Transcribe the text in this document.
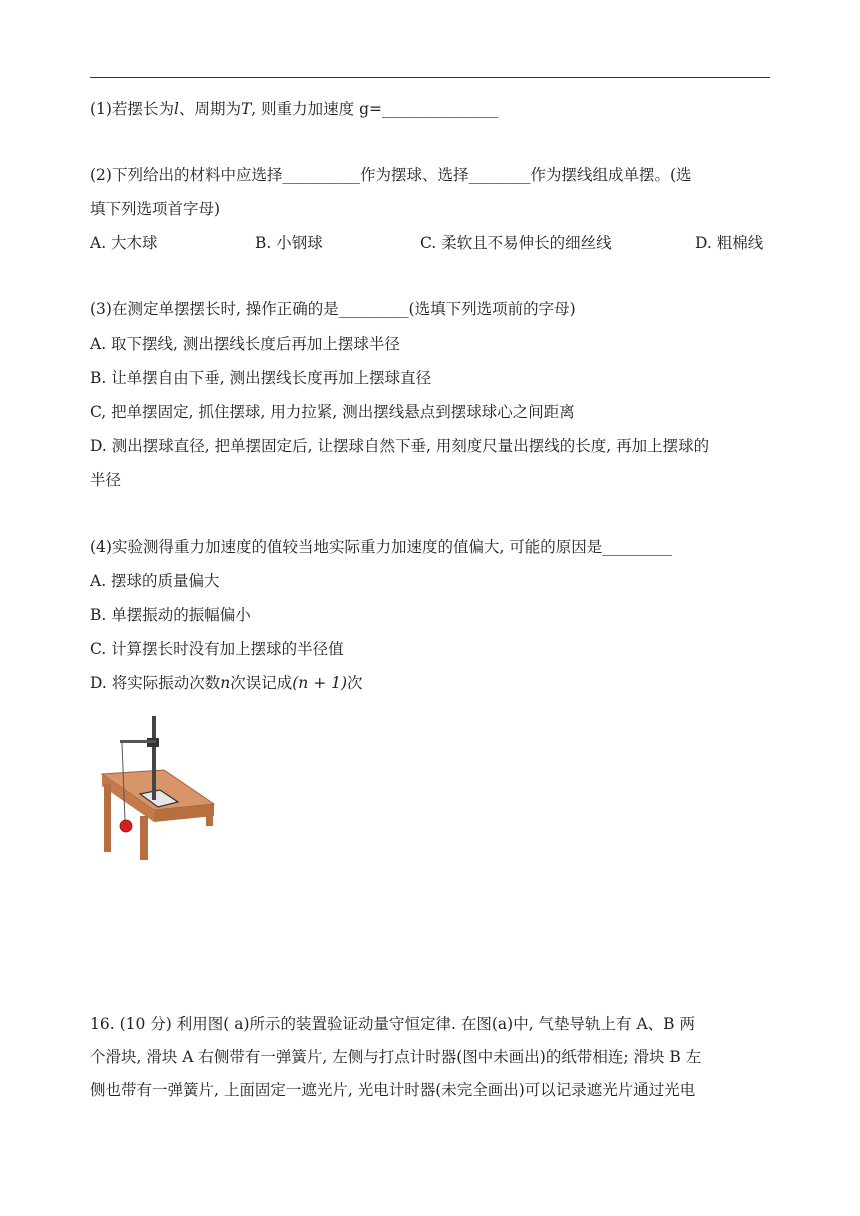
(1)若摆长为l、周期为T, 则重力加速度 g=_______________
(2)下列给出的材料中应选择__________作为摆球、选择________作为摆线组成单摆。(选
填下列选项首字母)
A. 大木球	B. 小钢球	C. 柔软且不易伸长的细丝线	D. 粗棉线
(3)在测定单摆摆长时, 操作正确的是_________(选填下列选项前的字母)
A. 取下摆线, 测出摆线长度后再加上摆球半径
B. 让单摆自由下垂, 测出摆线长度再加上摆球直径
C, 把单摆固定, 抓住摆球, 用力拉紧, 测出摆线悬点到摆球球心之间距离
D. 测出摆球直径, 把单摆固定后, 让摆球自然下垂, 用刻度尺量出摆线的长度, 再加上摆球的
半径
(4)实验测得重力加速度的值较当地实际重力加速度的值偏大, 可能的原因是_________
A. 摆球的质量偏大
B. 单摆振动的振幅偏小
C. 计算摆长时没有加上摆球的半径值
D. 将实际振动次数n次误记成(n + 1)次
16. (10 分) 利用图( a)所示的装置验证动量守恒定律. 在图(a)中, 气垫导轨上有 A、B 两
个滑块, 滑块 A 右侧带有一弹簧片, 左侧与打点计时器(图中未画出)的纸带相连; 滑块 B 左
侧也带有一弹簧片, 上面固定一遮光片, 光电计时器(未完全画出)可以记录遮光片通过光电
